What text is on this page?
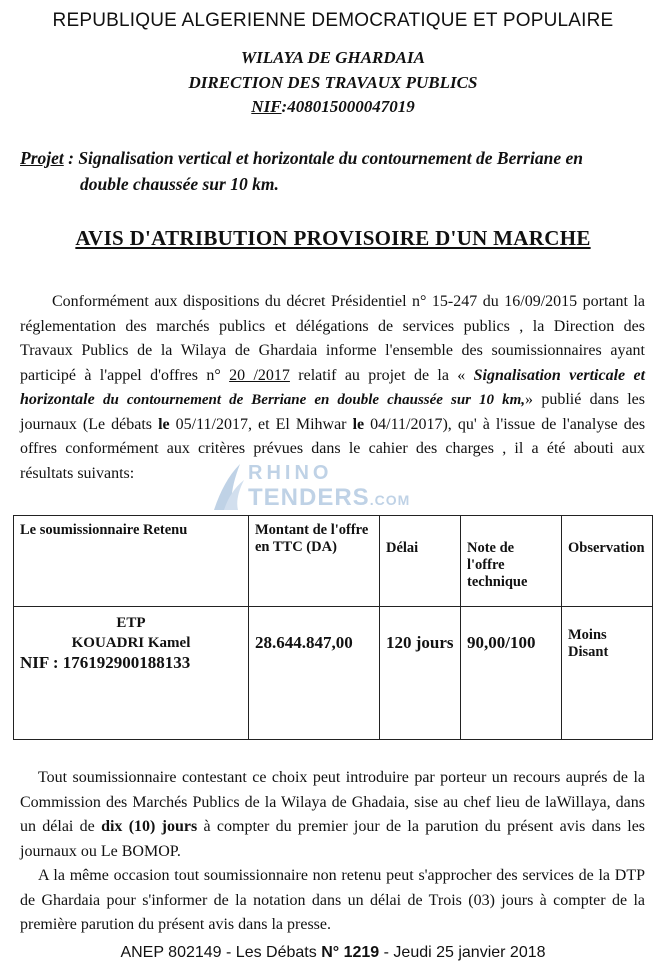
REPUBLIQUE ALGERIENNE DEMOCRATIQUE ET POPULAIRE
WILAYA DE GHARDAIA
DIRECTION DES TRAVAUX PUBLICS
NIF:408015000047019
Projet : Signalisation vertical et horizontale du contournement de Berriane en
double chaussée sur 10 km.
AVIS D'ATRIBUTION PROVISOIRE D'UN MARCHE
Conformément aux dispositions du décret Présidentiel n° 15-247 du 16/09/2015 portant la
réglementation des marchés publics et délégations de services publics , la Direction des
Travaux Publics de la Wilaya de Ghardaia informe l'ensemble des soumissionnaires ayant
participé à l'appel d'offres n° 20 /2017 relatif au projet de la « Signalisation verticale et
horizontale du contournement de Berriane en double chaussée sur 10 km,» publié dans les
journaux (Le débats le 05/11/2017, et El Mihwar le 04/11/2017), qu' à l'issue de l'analyse des
offres conformément aux critères prévues dans le cahier des charges , il a été abouti aux
résultats suivants:	RHINO
TENDERS.COM
Le soumissionnaire Retenu	Montant de l'offre en TTC (DA)	Délai	Note de l'offre technique	Observation

ETP
KOUADRI Kamel
NIF : 176192900188133	28.644.847,00	120 jours	90,00/100	Moins Disant
Tout soumissionnaire contestant ce choix peut introduire par porteur un recours auprés de la
Commission des Marchés Publics de la Wilaya de Ghadaia, sise au chef lieu de laWillaya, dans
un délai de dix (10) jours à compter du premier jour de la parution du présent avis dans les
journaux ou Le BOMOP.
A la même occasion tout soumissionnaire non retenu peut s'approcher des services de la DTP
de Ghardaia pour s'informer de la notation dans un délai de Trois (03) jours à compter de la
première parution du présent avis dans la presse.
ANEP 802149 - Les Débats N° 1219 - Jeudi 25 janvier 2018
